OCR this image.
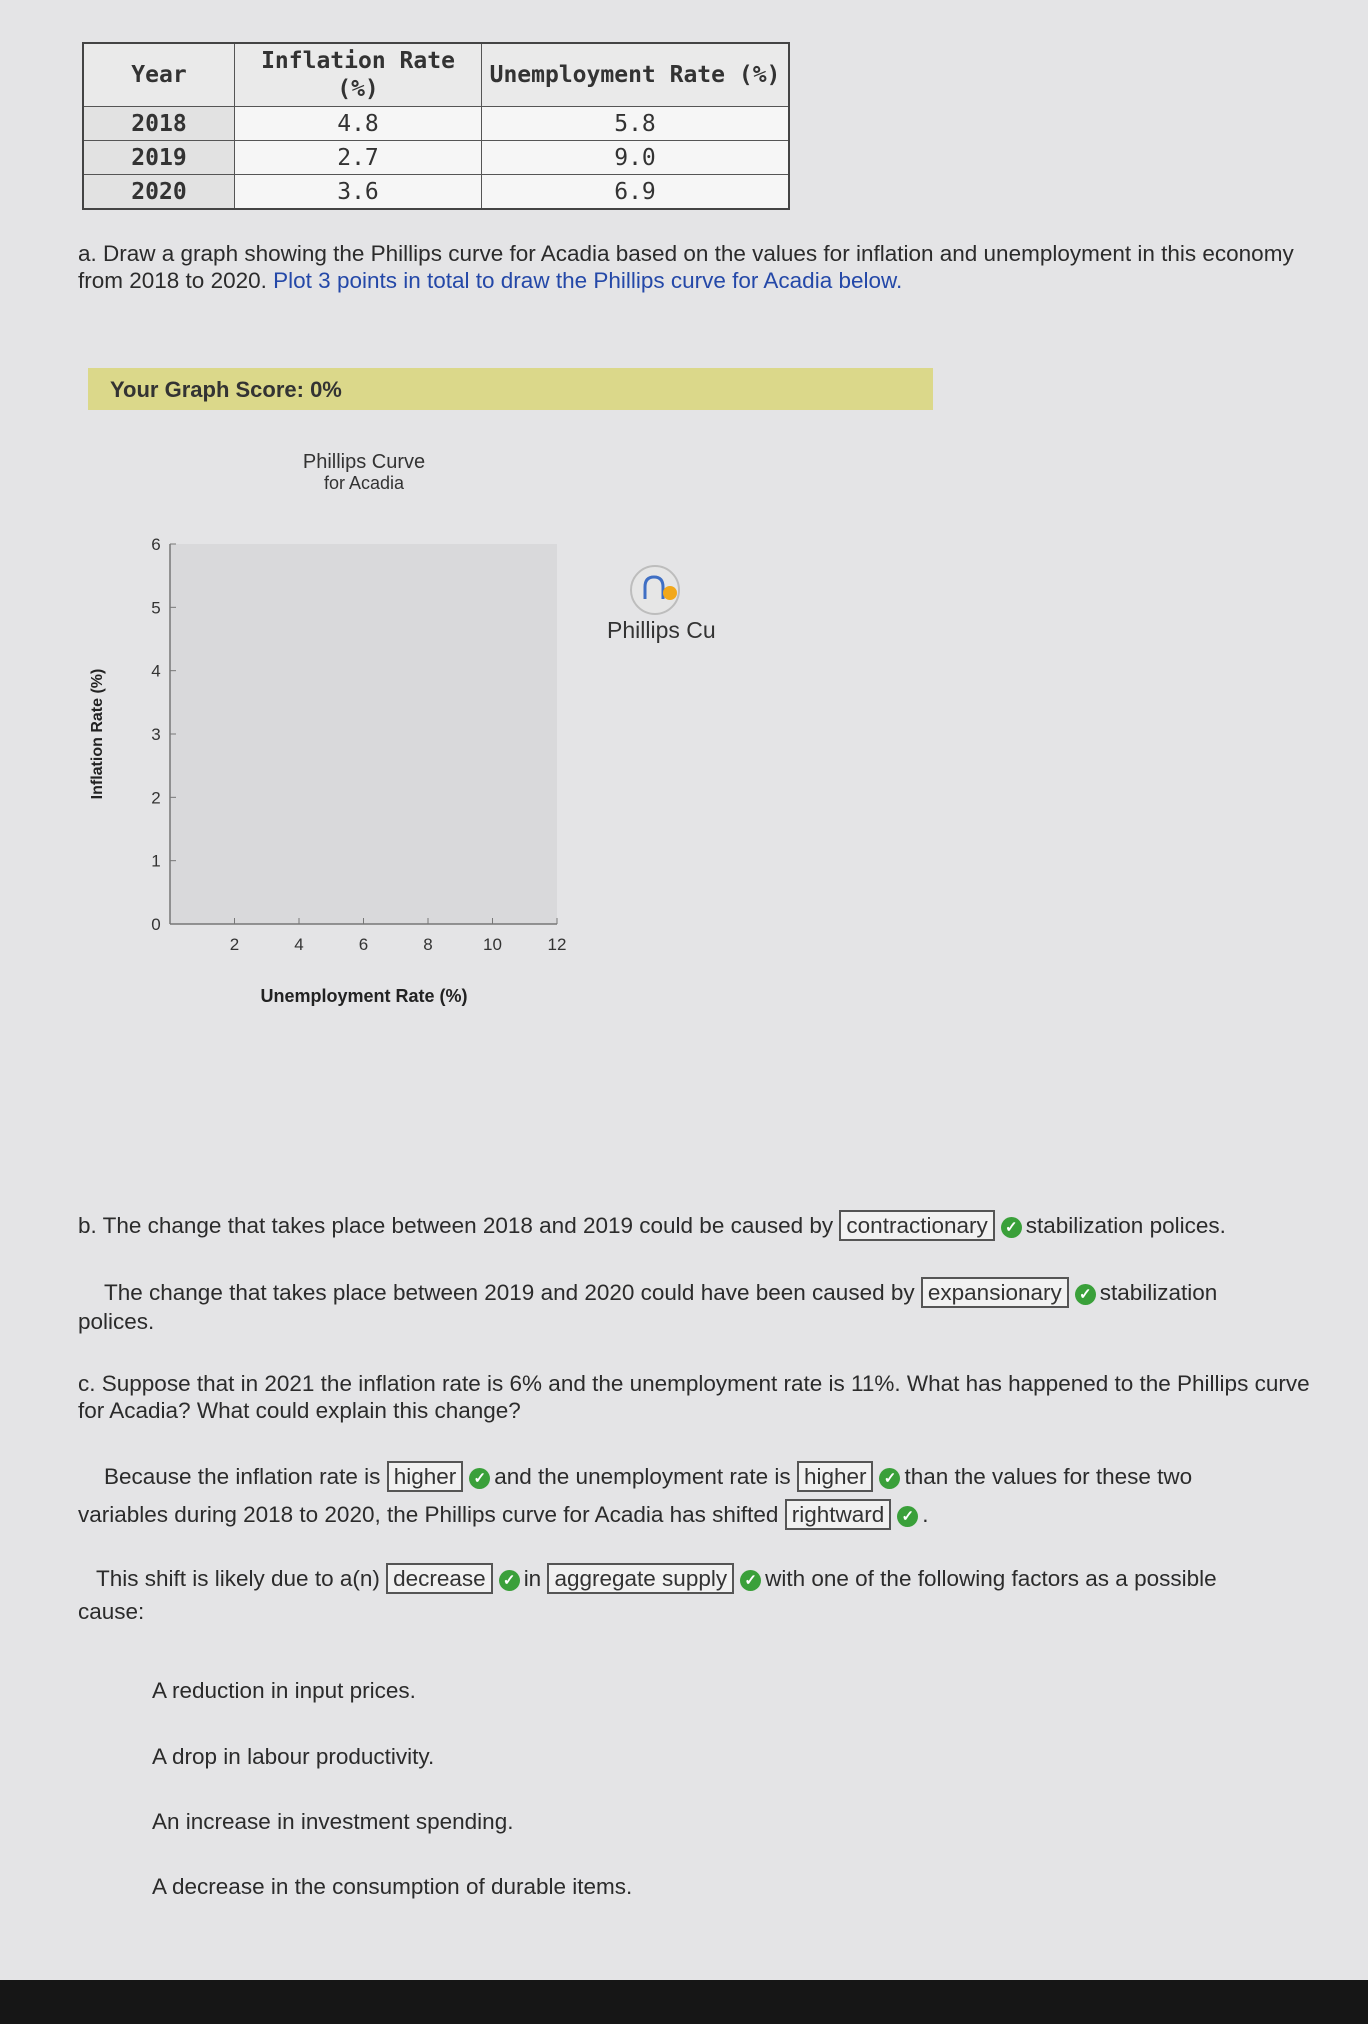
Year	Inflation Rate (%)	Unemployment Rate (%)
2018	4.8	5.8
2019	2.7	9.0
2020	3.6	6.9
a. Draw a graph showing the Phillips curve for Acadia based on the values for inflation and unemployment in this economy from 2018 to 2020. Plot 3 points in total to draw the Phillips curve for Acadia below.
Your Graph Score: 0%
Phillips Curve
for Acadia
2	4	6	8	10	12
0
1
2
3
4
5
6
Unemployment Rate (%)
Inflation Rate (%)
Phillips Cu
b. The change that takes place between 2018 and 2019 could be caused by contractionary ✓ stabilization polices.
The change that takes place between 2019 and 2020 could have been caused by expansionary ✓ stabilization
polices.
c. Suppose that in 2021 the inflation rate is 6% and the unemployment rate is 11%. What has happened to the Phillips curve for Acadia? What could explain this change?
Because the inflation rate is higher ✓ and the unemployment rate is higher ✓ than the values for these two
variables during 2018 to 2020, the Phillips curve for Acadia has shifted rightward ✓ .
This shift is likely due to a(n) decrease ✓ in aggregate supply ✓ with one of the following factors as a possible
cause:
A reduction in input prices.
A drop in labour productivity.
An increase in investment spending.
A decrease in the consumption of durable items.
